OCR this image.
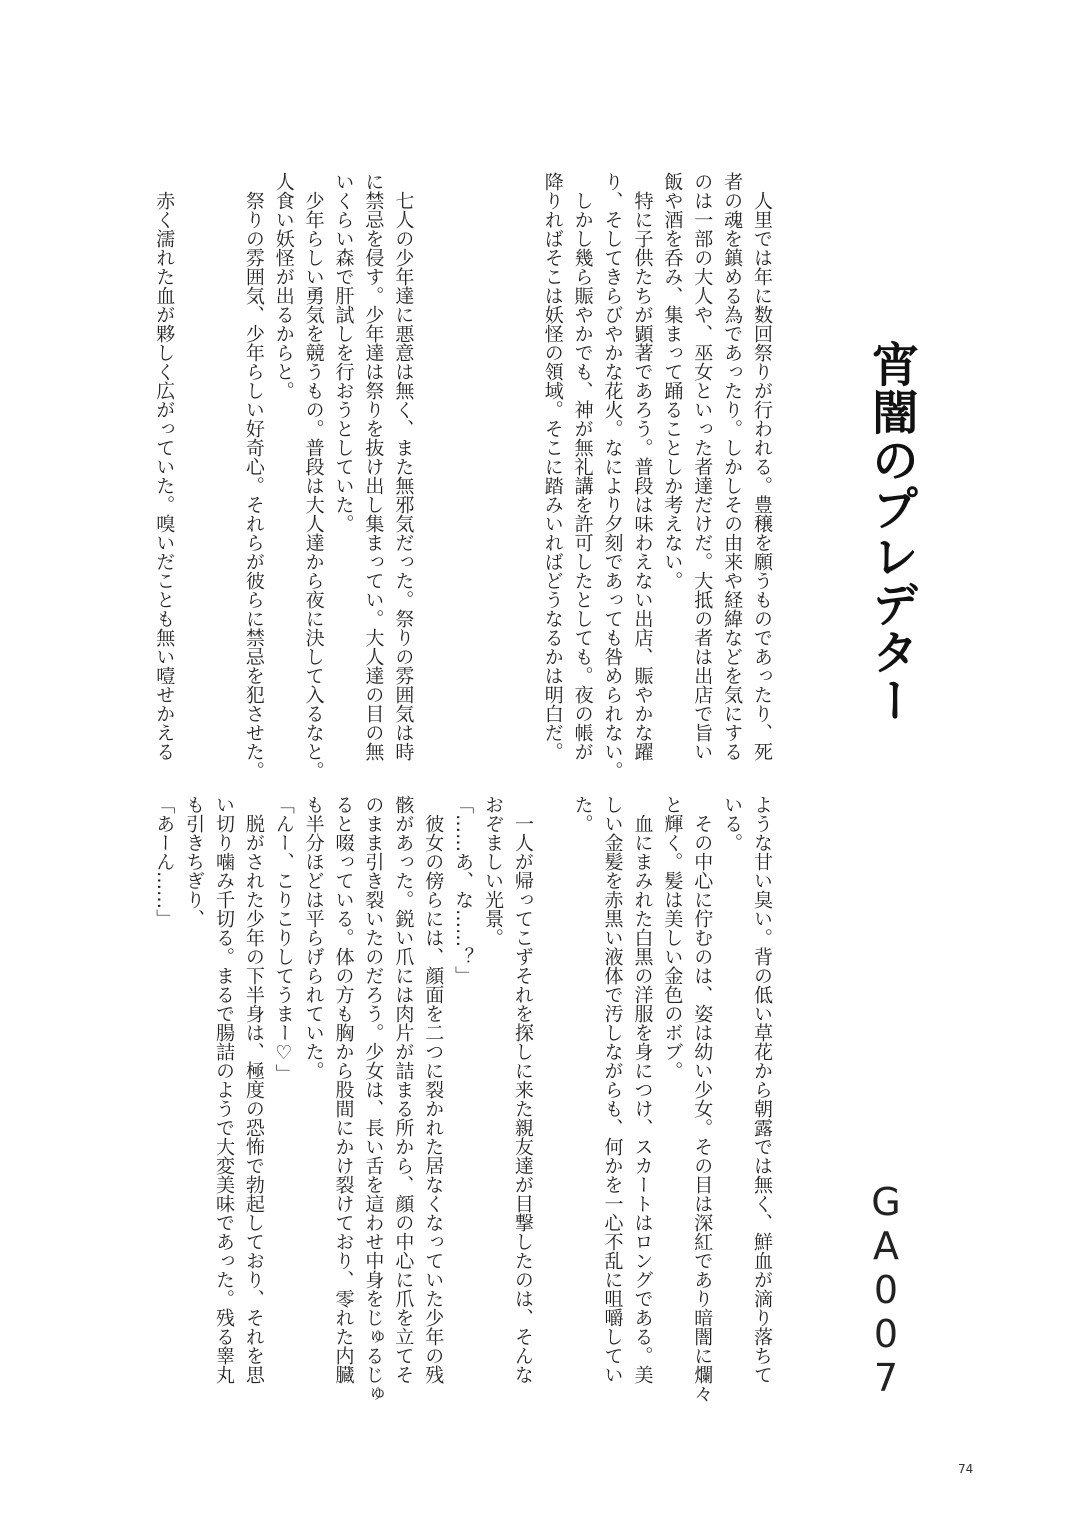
宵闇のプレデター
GA007
　人里では年に数回祭りが行われる。豊穣を願うものであったり、死
者の魂を鎮める為であったり。しかしその由来や経緯などを気にする
のは一部の大人や、巫女といった者達だけだ。大抵の者は出店で旨い
飯や酒を呑み、集まって踊ることしか考えない。
　特に子供たちが顕著であろう。普段は味わえない出店、賑やかな躍
り、そしてきらびやかな花火。なにより夕刻であっても咎められない。
　しかし幾ら賑やかでも、神が無礼講を許可したとしても。夜の帳が
降りればそこは妖怪の領域。そこに踏みいればどうなるかは明白だ。
　七人の少年達に悪意は無く、また無邪気だった。祭りの雰囲気は時
に禁忌を侵す。少年達は祭りを抜け出し集まってい。大人達の目の無
いくらい森で肝試しを行おうとしていた。
　少年らしい勇気を競うもの。普段は大人達から夜に決して入るなと。
人食い妖怪が出るからと。
　祭りの雰囲気、少年らしい好奇心。それらが彼らに禁忌を犯させた。
　赤く濡れた血が夥しく広がっていた。嗅いだことも無い噎せかえる
ような甘い臭い。背の低い草花から朝露では無く、鮮血が滴り落ちて
いる。
　その中心に佇むのは、姿は幼い少女。その目は深紅であり暗闇に爛々
と輝く。髪は美しい金色のボブ。
　血にまみれた白黒の洋服を身につけ、スカートはロングである。美
しい金髪を赤黒い液体で汚しながらも、何かを一心不乱に咀嚼してい
た。
　一人が帰ってこずそれを探しに来た親友達が目撃したのは、そんな
おぞましい光景。
「……あ、な……？」
　彼女の傍らには、顔面を二つに裂かれた居なくなっていた少年の残
骸があった。鋭い爪には肉片が詰まる所から、顔の中心に爪を立てそ
のまま引き裂いたのだろう。少女は、長い舌を這わせ中身をじゅるじゅ
ると啜っている。体の方も胸から股間にかけ裂けており、零れた内臓
も半分ほどは平らげられていた。
「んー、こりこりしてうまー♡」
　脱がされた少年の下半身は、極度の恐怖で勃起しており、それを思
い切り噛み千切る。まるで腸詰のようで大変美味であった。残る睾丸
も引きちぎり、
「あーん……」
74
